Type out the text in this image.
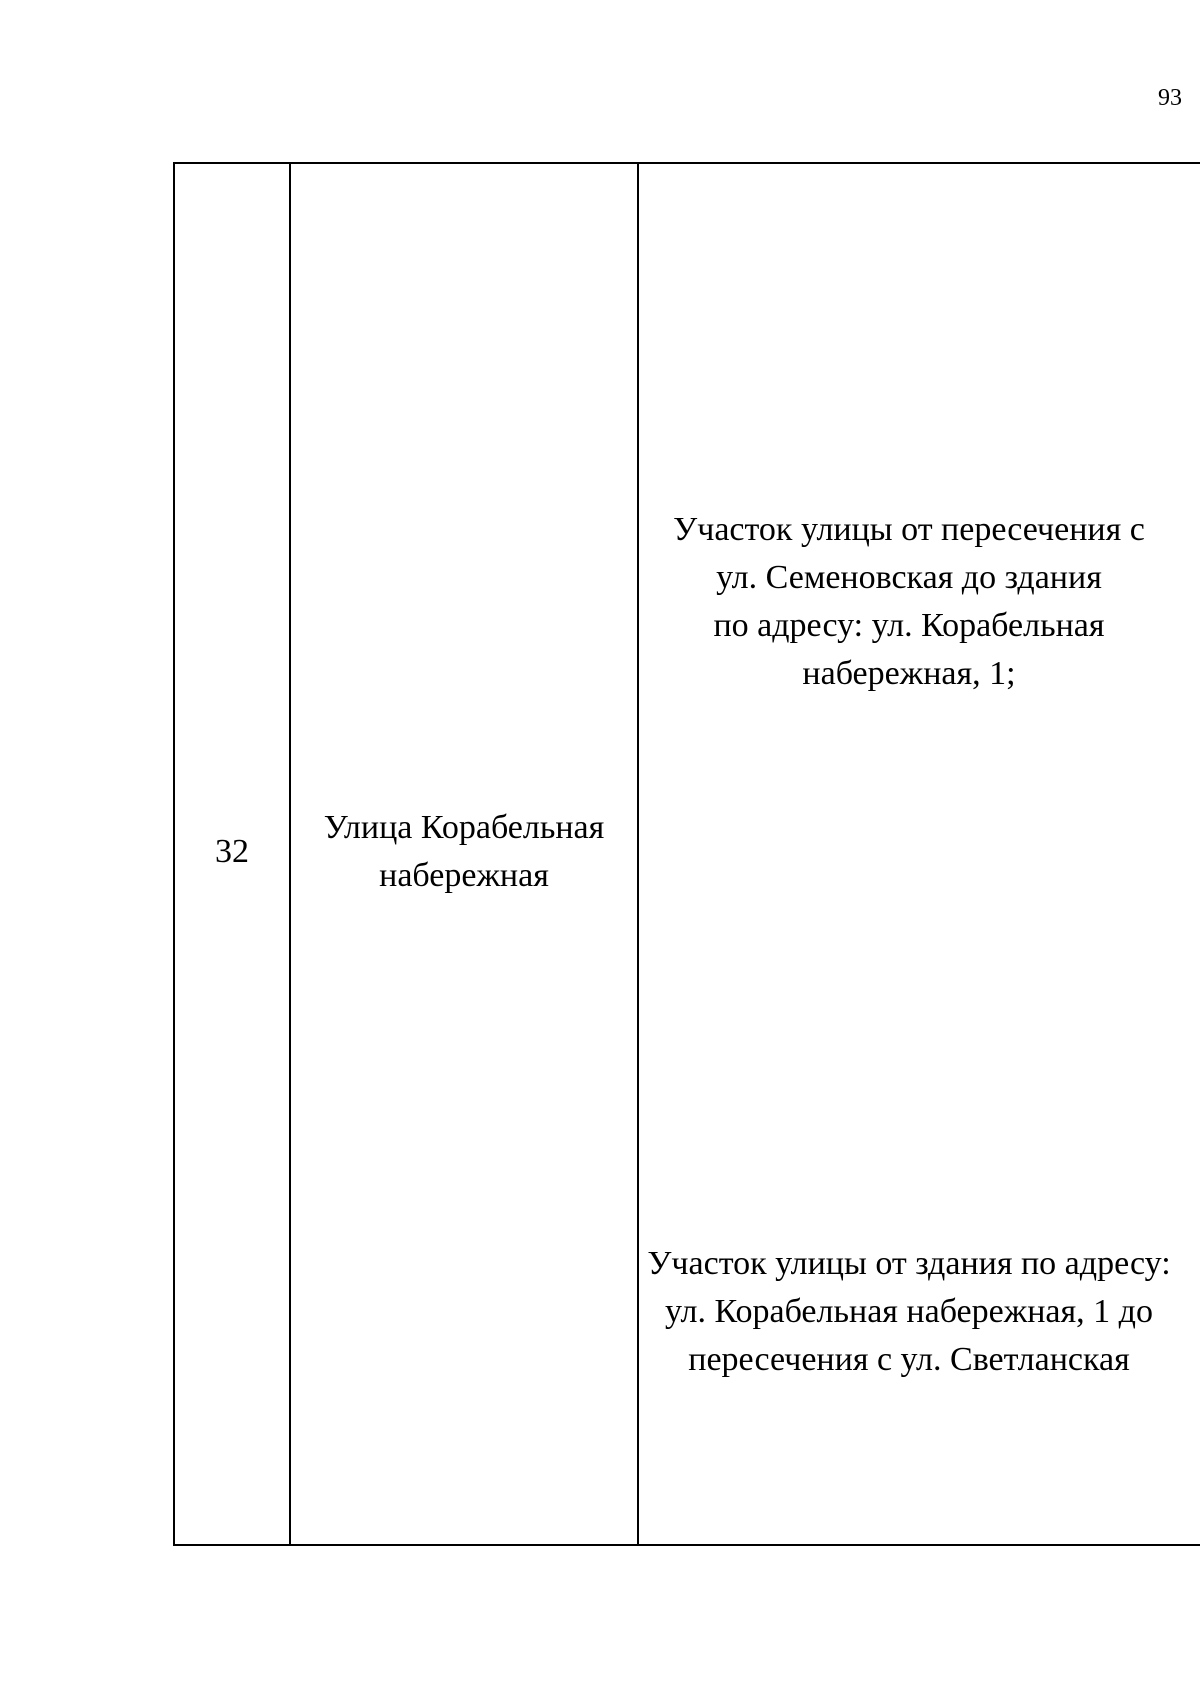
93
32
Улица Корабельная
набережная
Участок улицы от пересечения с
ул. Семеновская до здания
по адресу: ул. Корабельная
набережная, 1;
Участок улицы от здания по адресу:
ул. Корабельная набережная, 1 до
пересечения с ул. Светланская
